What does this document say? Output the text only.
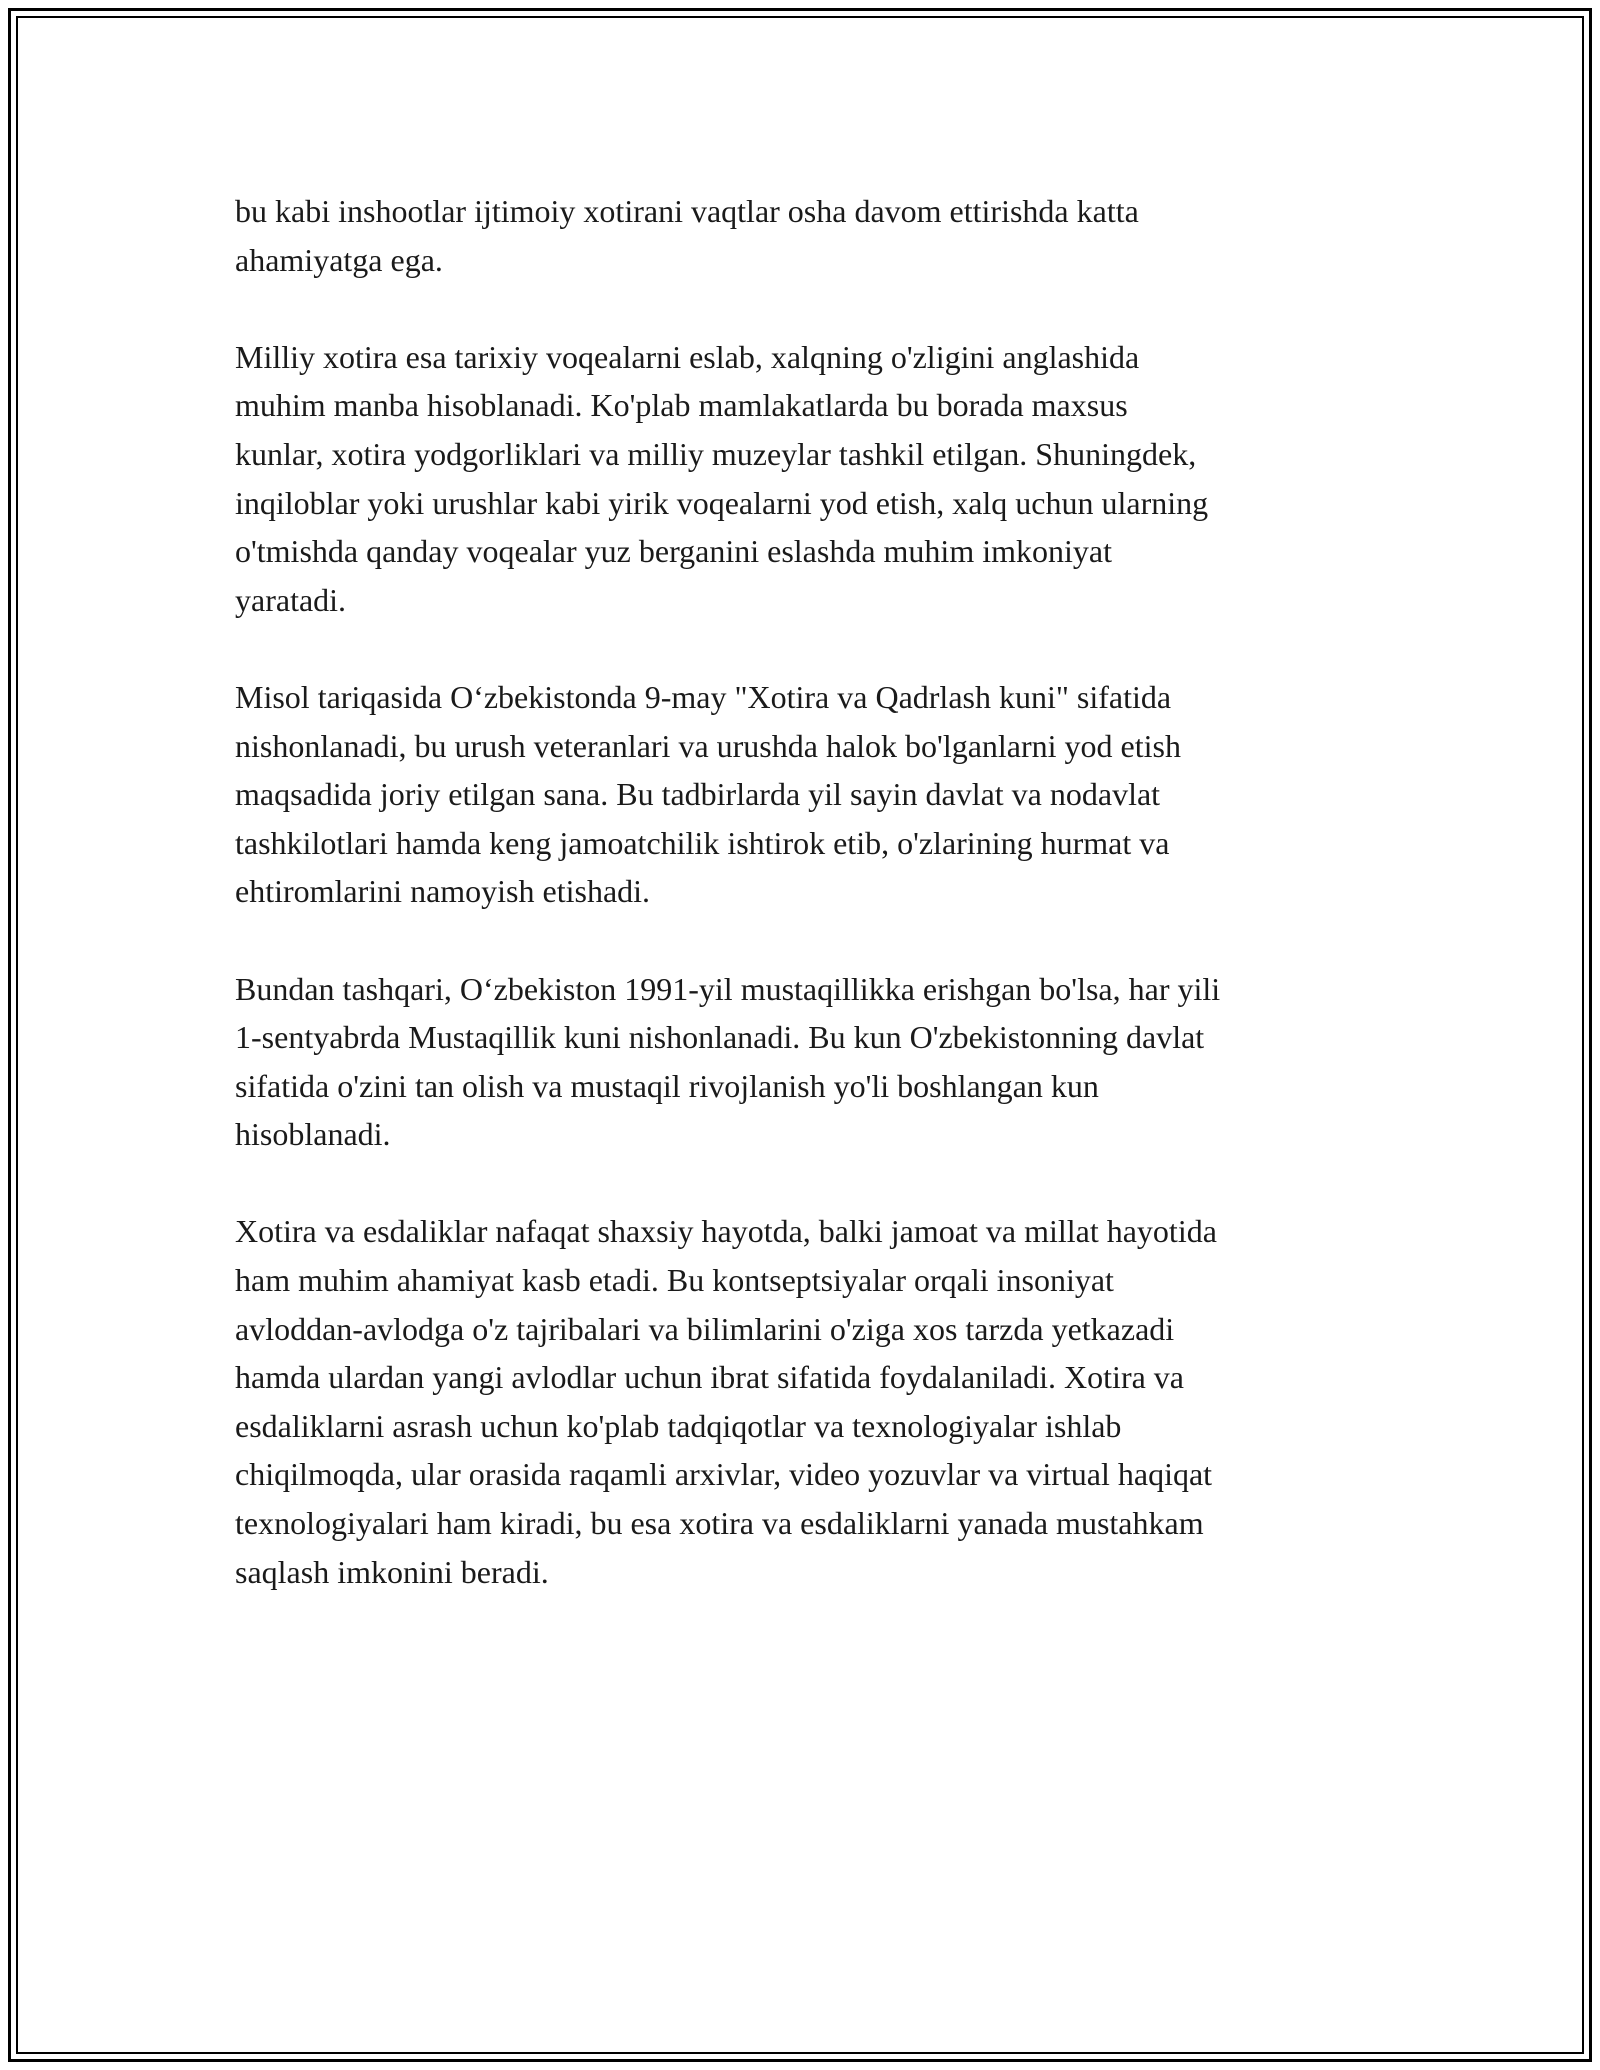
bu kabi inshootlar ijtimoiy xotirani vaqtlar osha davom ettirishda katta
ahamiyatga ega.

Milliy xotira esa tarixiy voqealarni eslab, xalqning o'zligini anglashida
muhim manba hisoblanadi. Ko'plab mamlakatlarda bu borada maxsus
kunlar, xotira yodgorliklari va milliy muzeylar tashkil etilgan. Shuningdek,
inqiloblar yoki urushlar kabi yirik voqealarni yod etish, xalq uchun ularning
o'tmishda qanday voqealar yuz berganini eslashda muhim imkoniyat
yaratadi.

Misol tariqasida O‘zbekistonda 9-may "Xotira va Qadrlash kuni" sifatida
nishonlanadi, bu urush veteranlari va urushda halok bo'lganlarni yod etish
maqsadida joriy etilgan sana. Bu tadbirlarda yil sayin davlat va nodavlat
tashkilotlari hamda keng jamoatchilik ishtirok etib, o'zlarining hurmat va
ehtiromlarini namoyish etishadi.

Bundan tashqari, O‘zbekiston 1991-yil mustaqillikka erishgan bo'lsa, har yili
1-sentyabrda Mustaqillik kuni nishonlanadi. Bu kun O'zbekistonning davlat
sifatida o'zini tan olish va mustaqil rivojlanish yo'li boshlangan kun
hisoblanadi.

Xotira va esdaliklar nafaqat shaxsiy hayotda, balki jamoat va millat hayotida
ham muhim ahamiyat kasb etadi. Bu kontseptsiyalar orqali insoniyat
avloddan-avlodga o'z tajribalari va bilimlarini o'ziga xos tarzda yetkazadi
hamda ulardan yangi avlodlar uchun ibrat sifatida foydalaniladi. Xotira va
esdaliklarni asrash uchun ko'plab tadqiqotlar va texnologiyalar ishlab
chiqilmoqda, ular orasida raqamli arxivlar, video yozuvlar va virtual haqiqat
texnologiyalari ham kiradi, bu esa xotira va esdaliklarni yanada mustahkam
saqlash imkonini beradi.
